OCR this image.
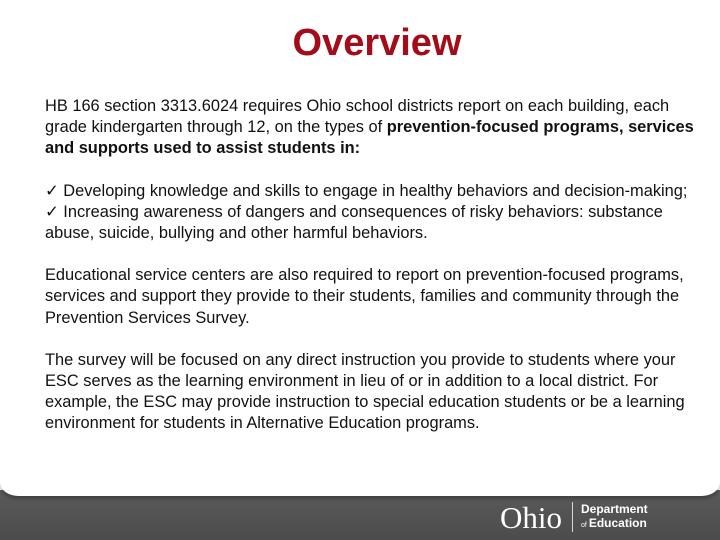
Overview

HB 166 section 3313.6024 requires Ohio school districts report on each building, each grade kindergarten through 12, on the types of prevention-focused programs, services and supports used to assist students in:

✓ Developing knowledge and skills to engage in healthy behaviors and decision-making;

✓ Increasing awareness of dangers and consequences of risky behaviors: substance abuse, suicide, bullying and other harmful behaviors.

Educational service centers are also required to report on prevention-focused programs, services and support they provide to their students, families and community through the Prevention Services Survey.

The survey will be focused on any direct instruction you provide to students where your ESC serves as the learning environment in lieu of or in addition to a local district. For example, the ESC may provide instruction to special education students or be a learning environment for students in Alternative Education programs.

Ohio Department
of Education
